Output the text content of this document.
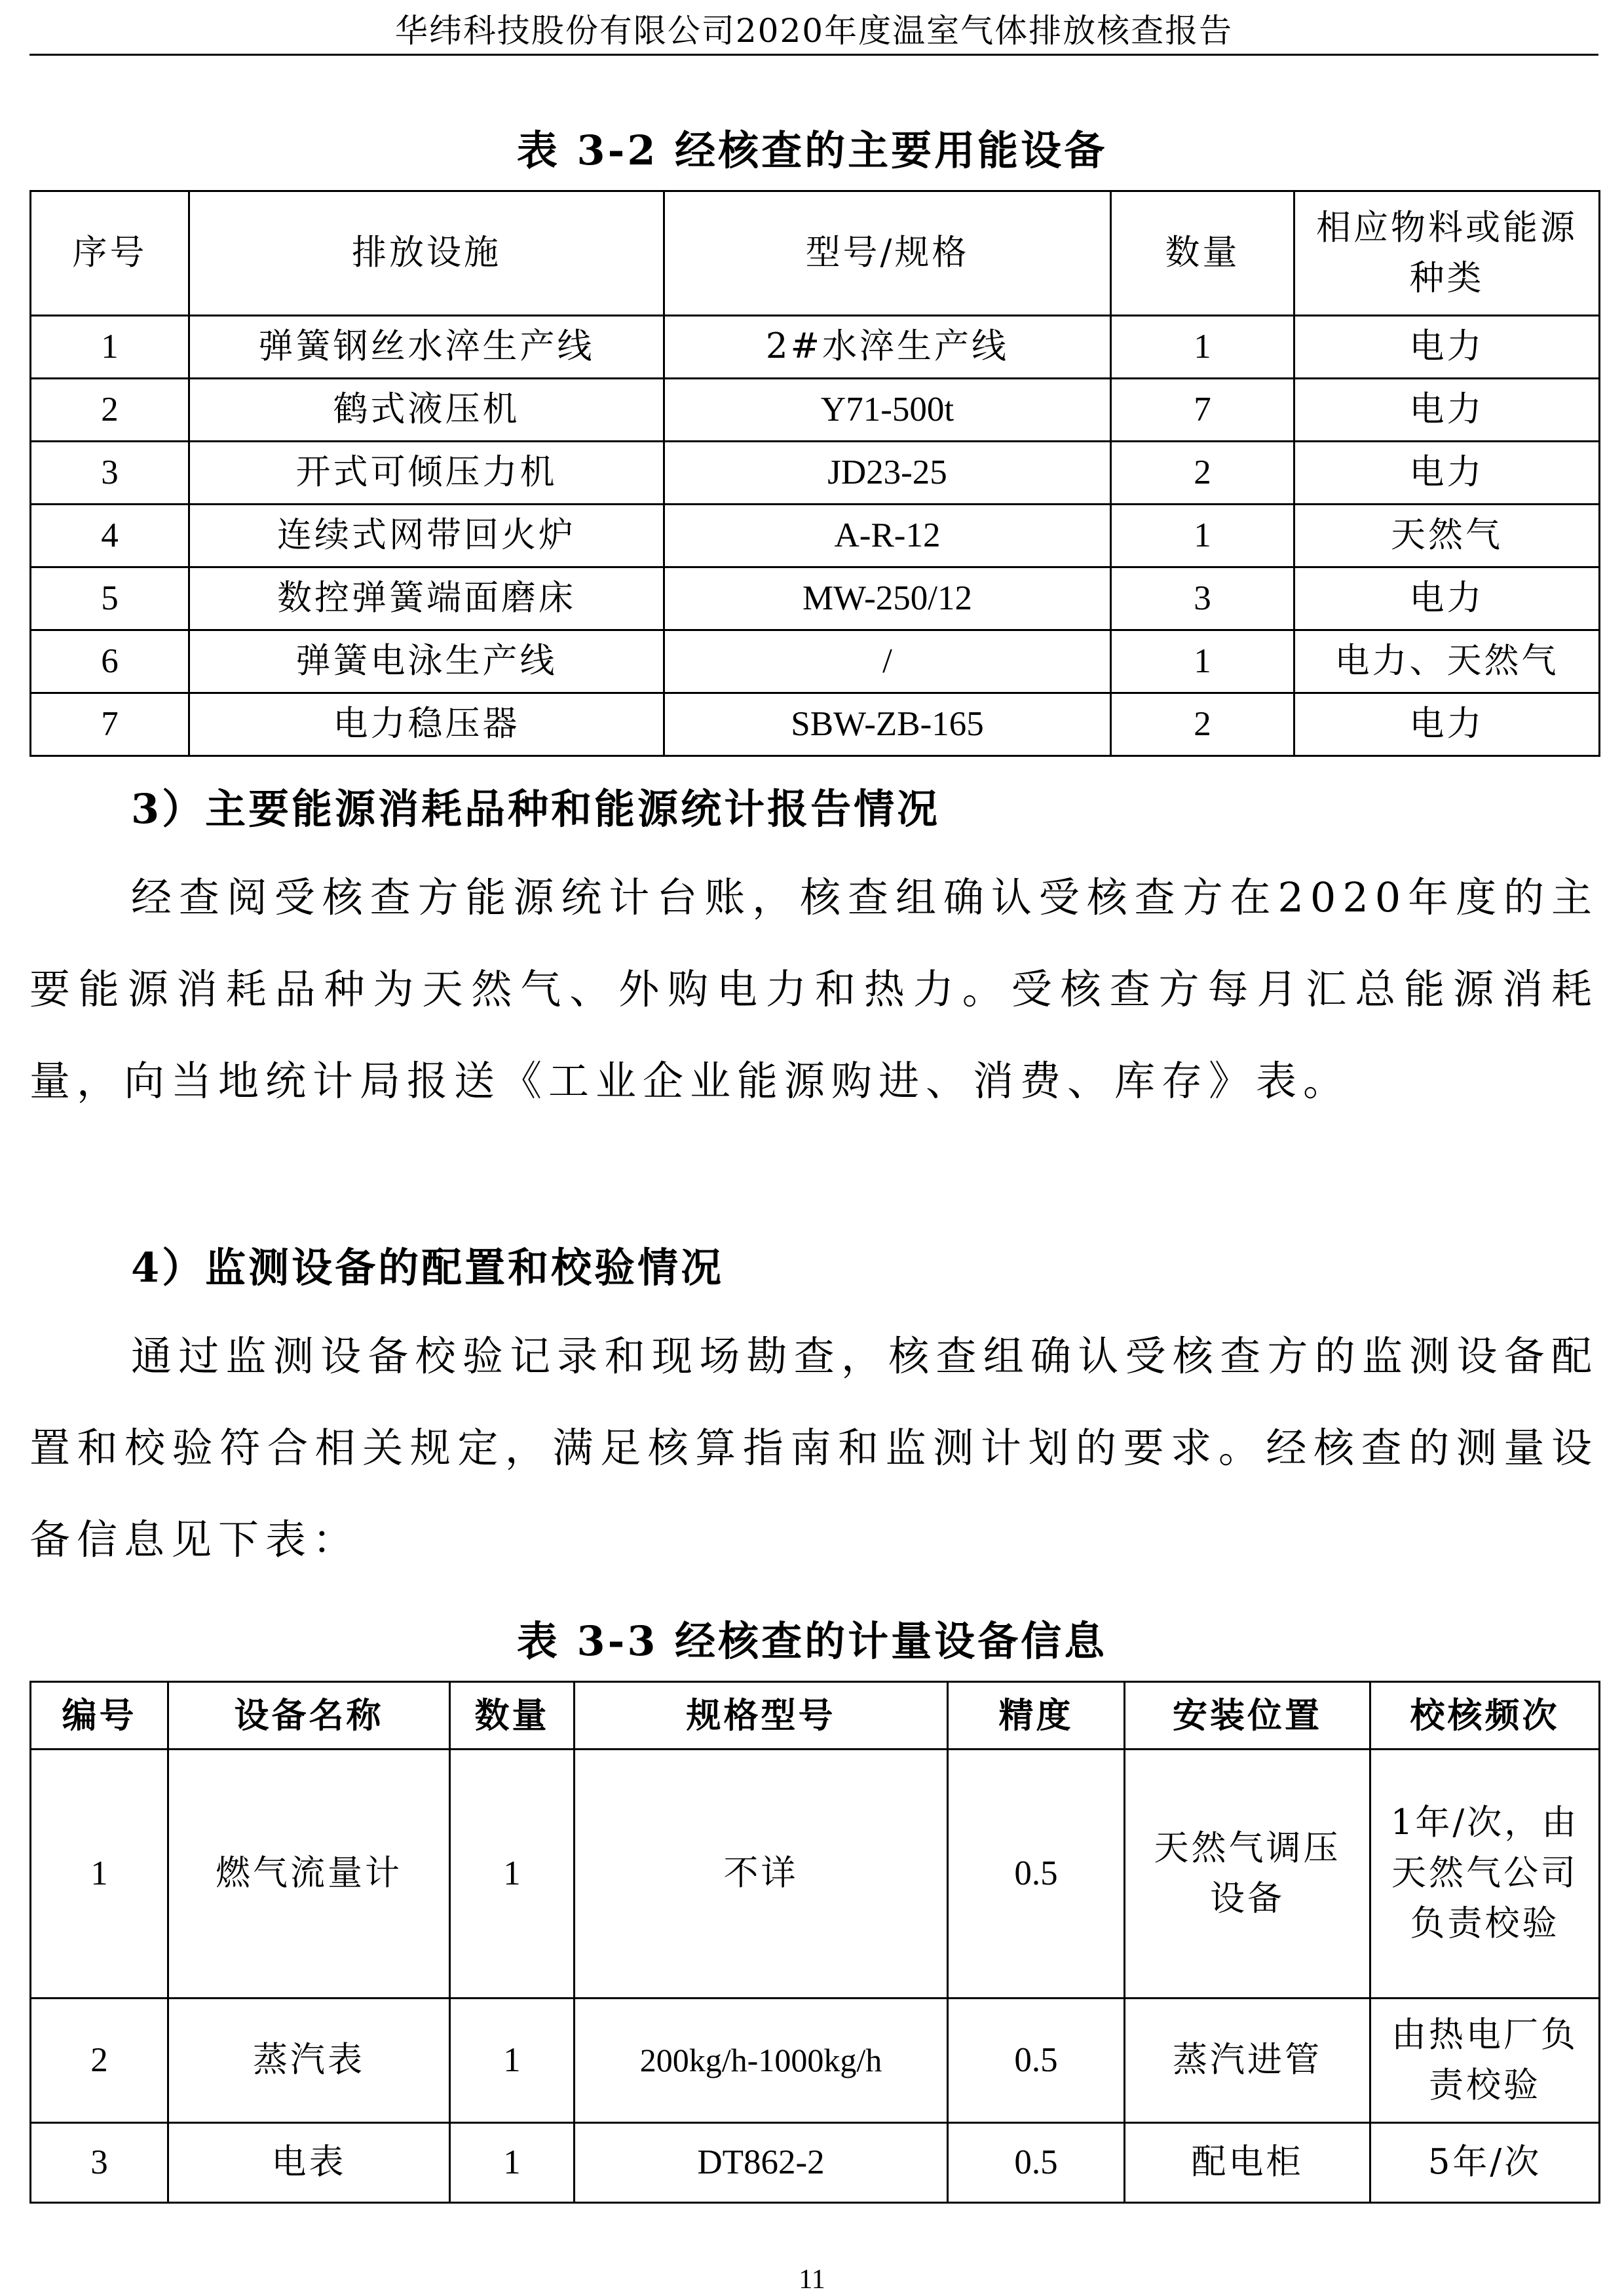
华纬科技股份有限公司2020年度温室气体排放核查报告
表 3-2 经核查的主要用能设备
序号	排放设施	型号/规格	数量	相应物料或能源种类
1	弹簧钢丝水淬生产线	2#水淬生产线	1	电力
2	鹤式液压机	Y71-500t	7	电力
3	开式可倾压力机	JD23-25	2	电力
4	连续式网带回火炉	A-R-12	1	天然气
5	数控弹簧端面磨床	MW-250/12	3	电力
6	弹簧电泳生产线	/	1	电力、天然气
7	电力稳压器	SBW-ZB-165	2	电力
3）主要能源消耗品种和能源统计报告情况
经查阅受核查方能源统计台账，核查组确认受核查方在2020年度的主要能源消耗品种为天然气、外购电力和热力。受核查方每月汇总能源消耗量，向当地统计局报送《工业企业能源购进、消费、库存》表。
4）监测设备的配置和校验情况
通过监测设备校验记录和现场勘查，核查组确认受核查方的监测设备配置和校验符合相关规定，满足核算指南和监测计划的要求。经核查的测量设备信息见下表：
表 3-3 经核查的计量设备信息
编号	设备名称	数量	规格型号	精度	安装位置	校核频次
1	燃气流量计	1	不详	0.5	天然气调压设备	1年/次，由天然气公司负责校验
2	蒸汽表	1	200kg/h-1000kg/h	0.5	蒸汽进管	由热电厂负责校验
3	电表	1	DT862-2	0.5	配电柜	5年/次
11
